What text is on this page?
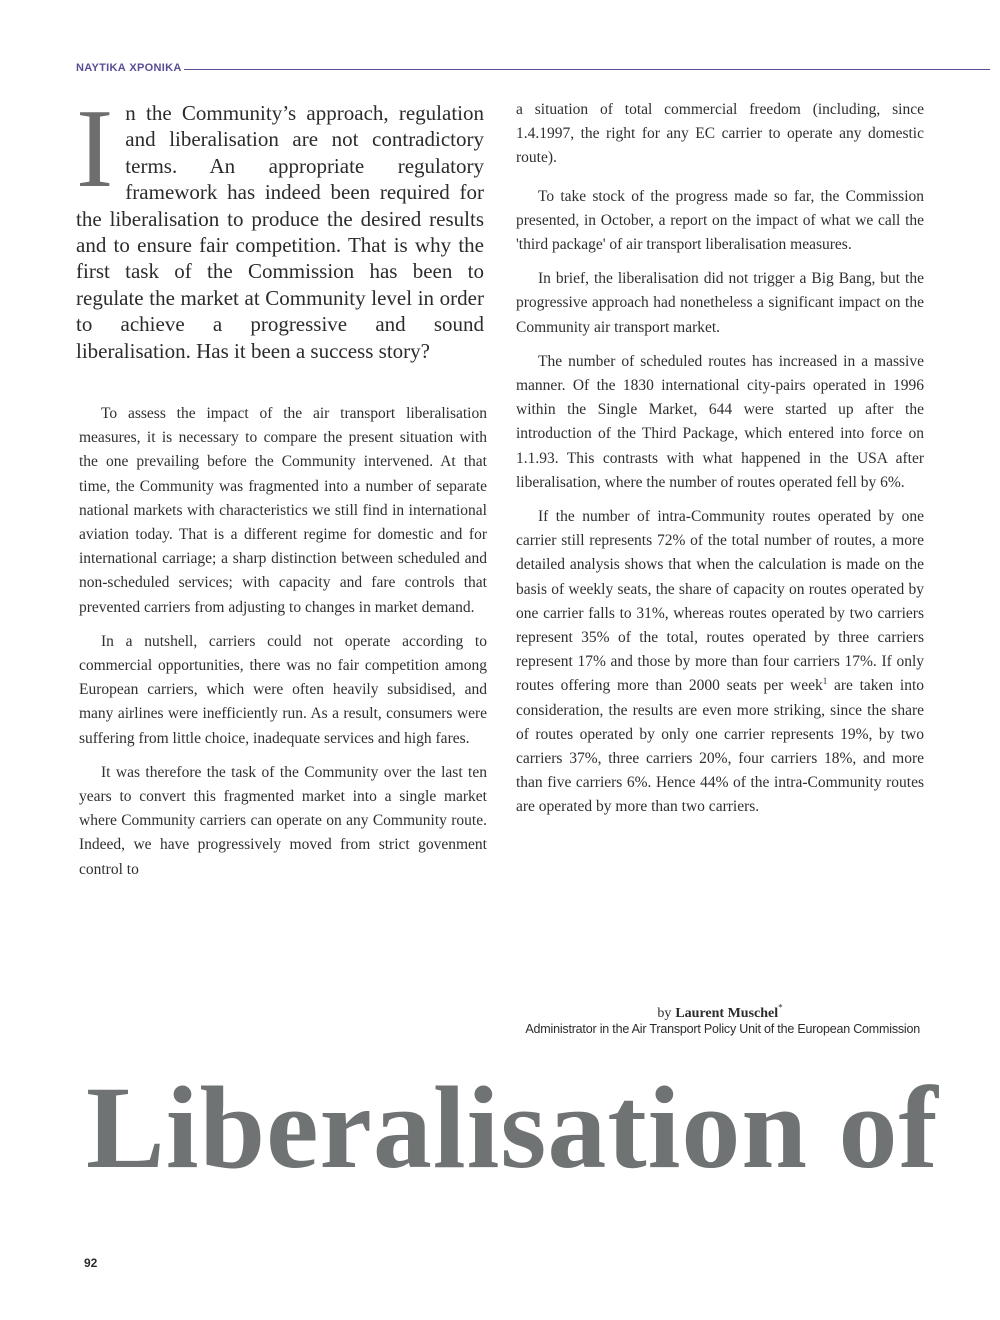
ΝΑΥΤΙΚΑ ΧΡΟΝΙΚΑ
In the Community’s approach, regulation and liberalisation are not contradictory terms. An appropriate regulatory framework has indeed been required for the liberalisation to produce the desired results and to ensure fair competition. That is why the first task of the Commission has been to regulate the market at Community level in order to achieve a progressive and sound liberalisation. Has it been a success story?

To assess the impact of the air transport liberalisation measures, it is necessary to compare the present situation with the one prevailing before the Community intervened. At that time, the Community was fragmented into a number of separate national markets with characteristics we still find in international aviation today. That is a different regime for domestic and for international carriage; a sharp distinction between scheduled and non-scheduled services; with capacity and fare controls that prevented carriers from adjusting to changes in market demand.

In a nutshell, carriers could not operate according to commercial opportunities, there was no fair competition among European carriers, which were often heavily subsidised, and many airlines were inefficiently run. As a result, consumers were suffering from little choice, inadequate services and high fares.

It was therefore the task of the Community over the last ten years to convert this fragmented market into a single market where Community carriers can operate on any Community route. Indeed, we have progressively moved from strict govenment control to

a situation of total commercial freedom (including, since 1.4.1997, the right for any EC carrier to operate any domestic route).

To take stock of the progress made so far, the Commission presented, in October, a report on the impact of what we call the 'third package' of air transport liberalisation measures.

In brief, the liberalisation did not trigger a Big Bang, but the progressive approach had nonetheless a significant impact on the Community air transport market.

The number of scheduled routes has increased in a massive manner. Of the 1830 international city-pairs operated in 1996 within the Single Market, 644 were started up after the introduction of the Third Package, which entered into force on 1.1.93. This contrasts with what happened in the USA after liberalisation, where the number of routes operated fell by 6%.

If the number of intra-Community routes operated by one carrier still represents 72% of the total number of routes, a more detailed analysis shows that when the calculation is made on the basis of weekly seats, the share of capacity on routes operated by one carrier falls to 31%, whereas routes operated by two carriers represent 35% of the total, routes operated by three carriers represent 17% and those by more than four carriers 17%. If only routes offering more than 2000 seats per week$^1$ are taken into consideration, the results are even more striking, since the share of routes operated by only one carrier represents 19%, by two carriers 37%, three carriers 20%, four carriers 18%, and more than five carriers 6%. Hence 44% of the intra-Community routes are operated by more than two carriers.

by Laurent Muschel*
Administrator in the Air Transport Policy Unit of the European Commission
Liberalisation of
92
